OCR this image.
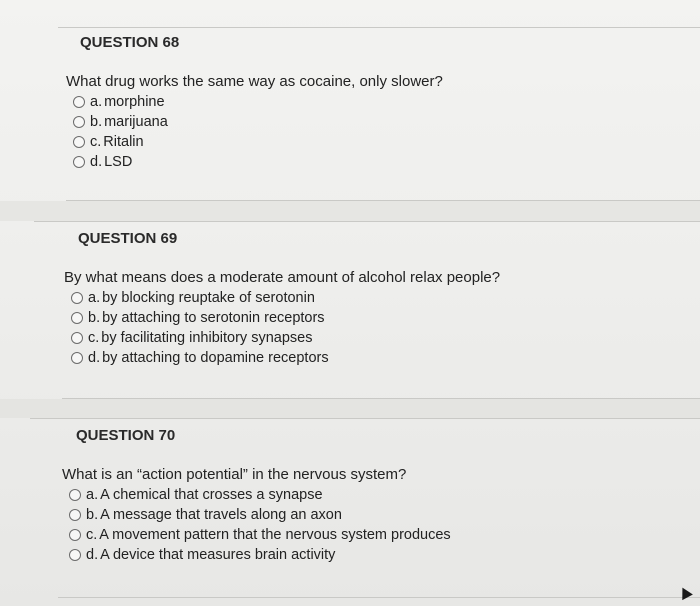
QUESTION 68
What drug works the same way as cocaine, only slower?
a. morphine
b. marijuana
c. Ritalin
d. LSD
QUESTION 69
By what means does a moderate amount of alcohol relax people?
a. by blocking reuptake of serotonin
b. by attaching to serotonin receptors
c. by facilitating inhibitory synapses
d. by attaching to dopamine receptors
QUESTION 70
What is an “action potential” in the nervous system?
a. A chemical that crosses a synapse
b. A message that travels along an axon
c. A movement pattern that the nervous system produces
d. A device that measures brain activity
